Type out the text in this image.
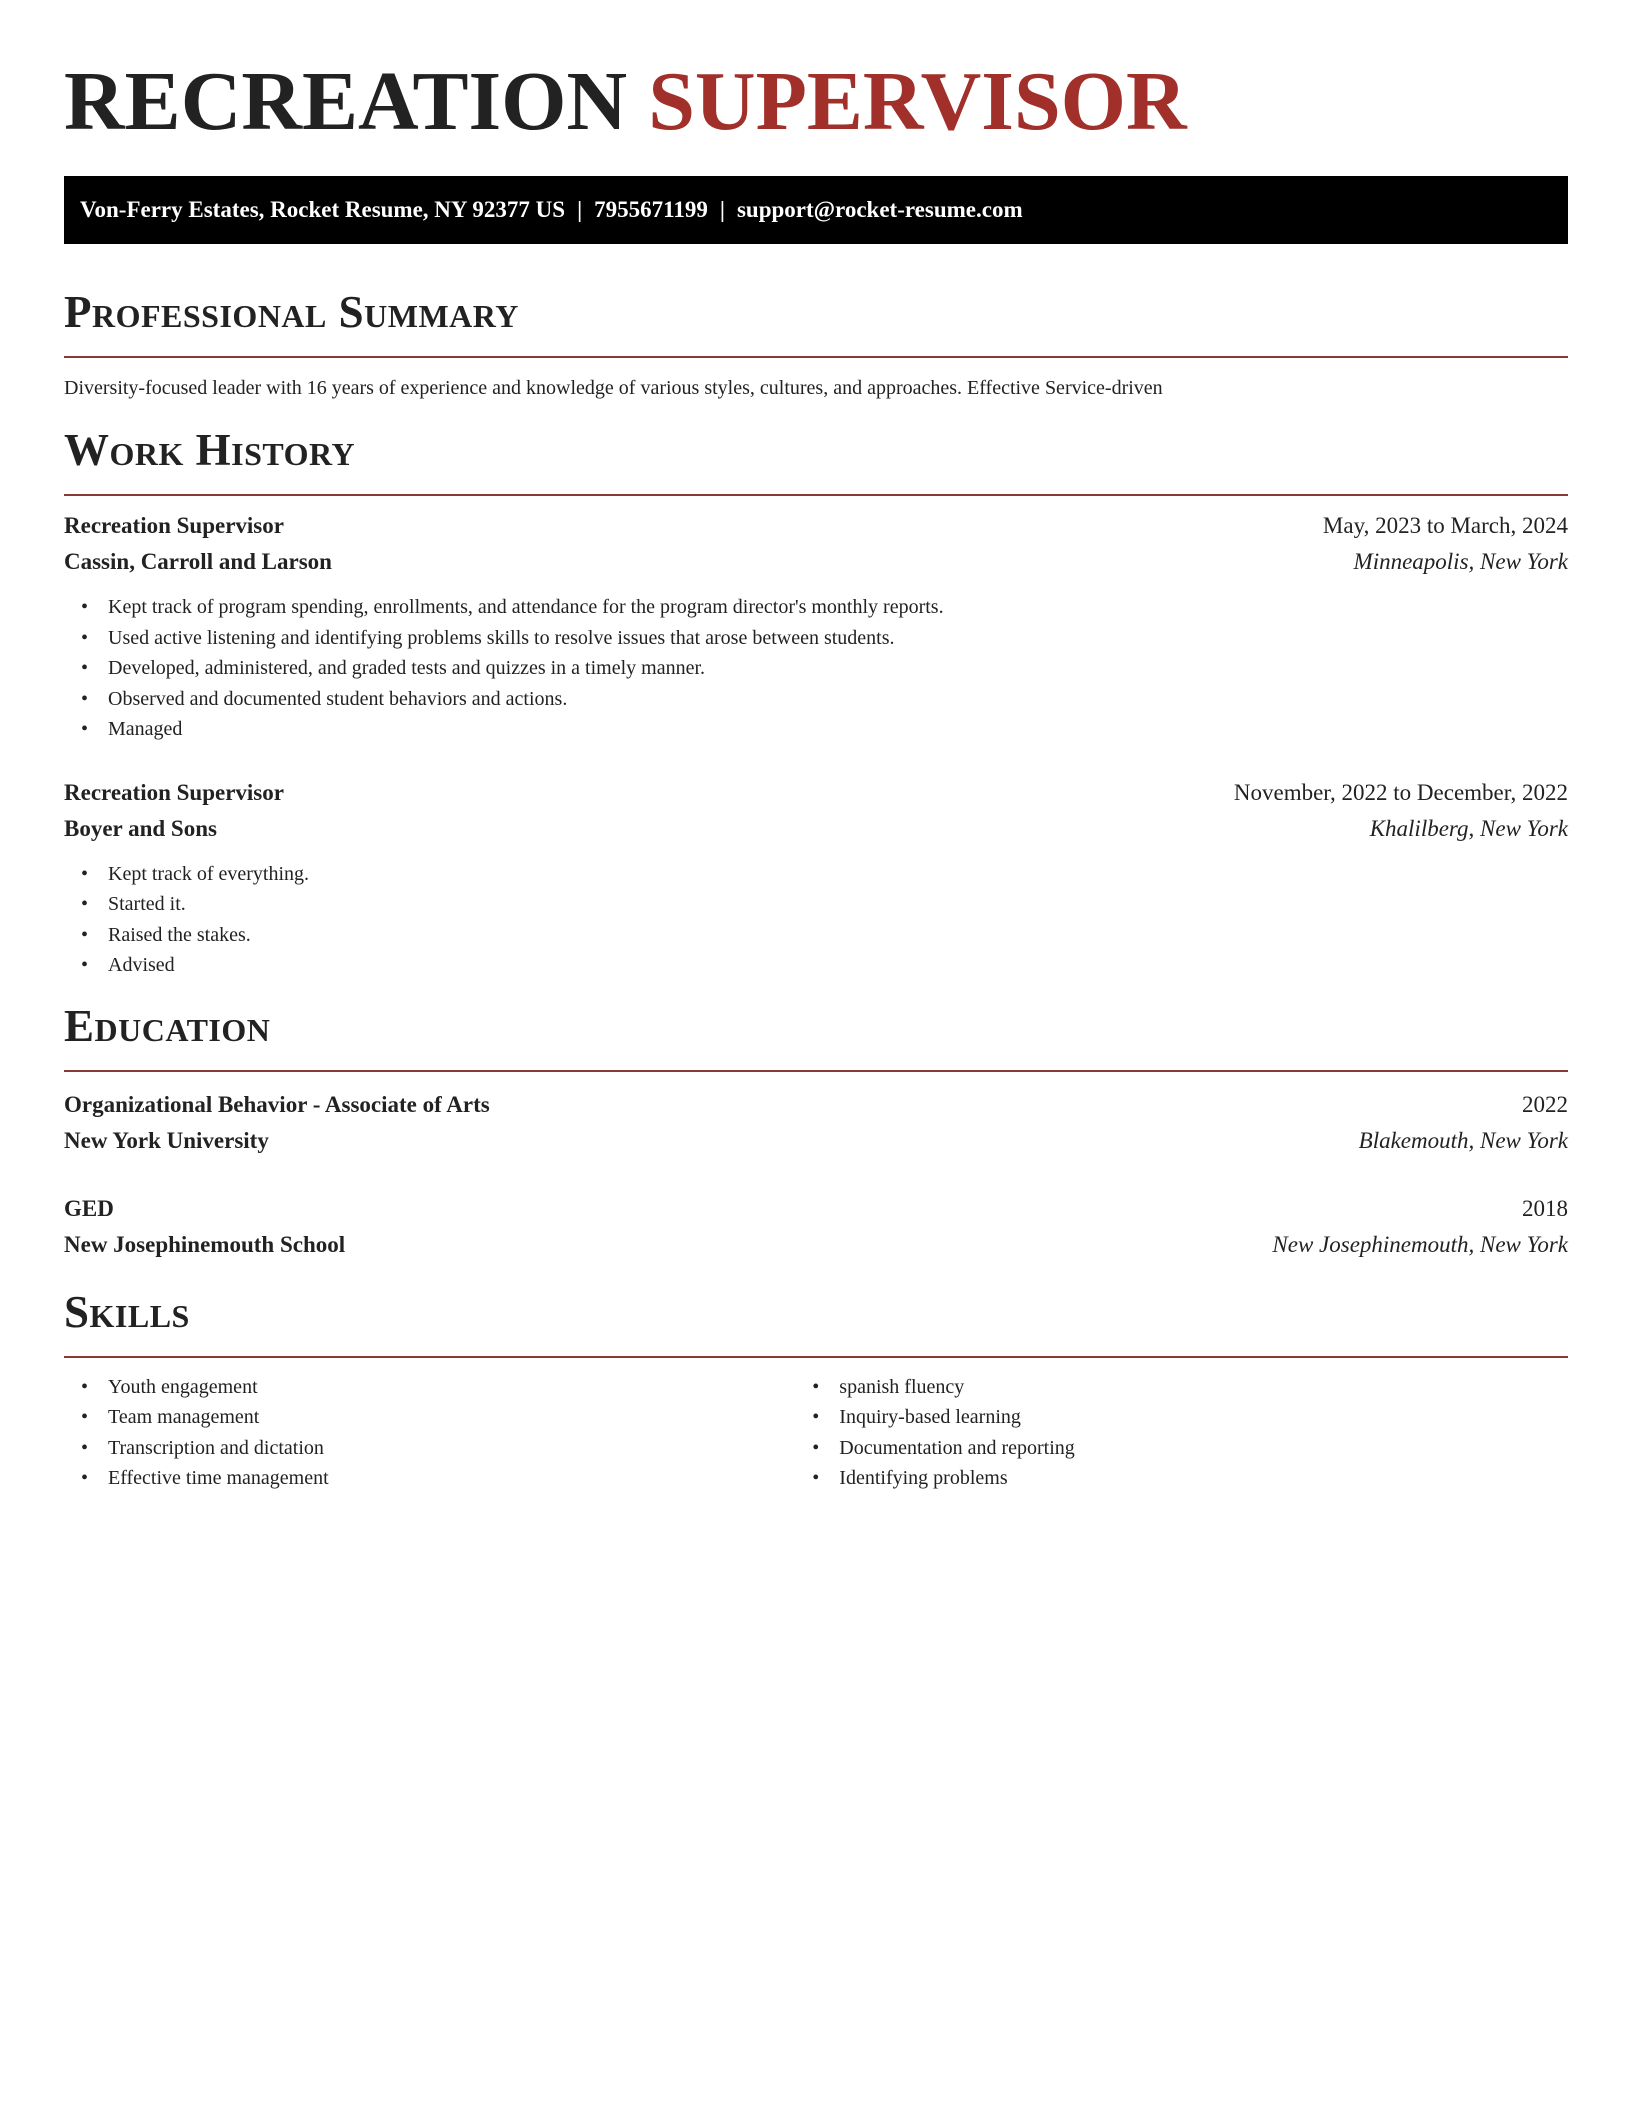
RECREATION SUPERVISOR
Von-Ferry Estates, Rocket Resume, NY 92377 US | 7955671199 | support@rocket-resume.com
Professional Summary

Diversity-focused leader with 16 years of experience and knowledge of various styles, cultures, and approaches. Effective Service-driven

Work History
Recreation Supervisor	May, 2023 to March, 2024
Cassin, Carroll and Larson	Minneapolis, New York
• Kept track of program spending, enrollments, and attendance for the program director's monthly reports.
• Used active listening and identifying problems skills to resolve issues that arose between students.
• Developed, administered, and graded tests and quizzes in a timely manner.
• Observed and documented student behaviors and actions.
• Managed
Recreation Supervisor	November, 2022 to December, 2022
Boyer and Sons	Khalilberg, New York
• Kept track of everything.
• Started it.
• Raised the stakes.
• Advised
Education
Organizational Behavior - Associate of Arts	2022
New York University	Blakemouth, New York
GED	2018
New Josephinemouth School	New Josephinemouth, New York
Skills
• Youth engagement
• Team management
• Transcription and dictation
• Effective time management
• spanish fluency
• Inquiry-based learning
• Documentation and reporting
• Identifying problems
